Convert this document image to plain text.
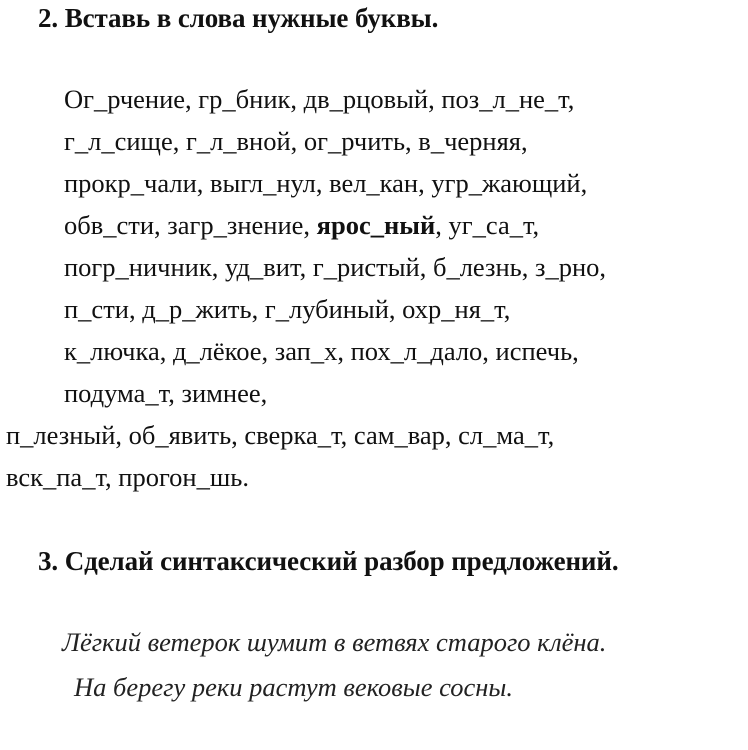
2. Вставь в слова нужные буквы.
Ог_рчение, гр_бник, дв_рцовый, поз_л_не_т,
г_л_сище, г_л_вной, ог_рчить, в_черняя,
прокр_чали, выгл_нул, вел_кан, угр_жающий,
обв_сти, загр_знение, ярос_ный, уг_са_т,
погр_ничник, уд_вит, г_ристый, б_лезнь, з_рно,
п_сти, д_р_жить, г_лубиный, охр_ня_т,
к_лючка, д_лёкое, зап_х, пох_л_дало, испечь,
подума_т, зимнее,
п_лезный, об_явить, сверка_т, сам_вар, сл_ма_т,
вск_па_т, прогон_шь.
3. Сделай синтаксический разбор предложений.
Лёгкий ветерок шумит в ветвях старого клёна.
На берегу реки растут вековые сосны.
